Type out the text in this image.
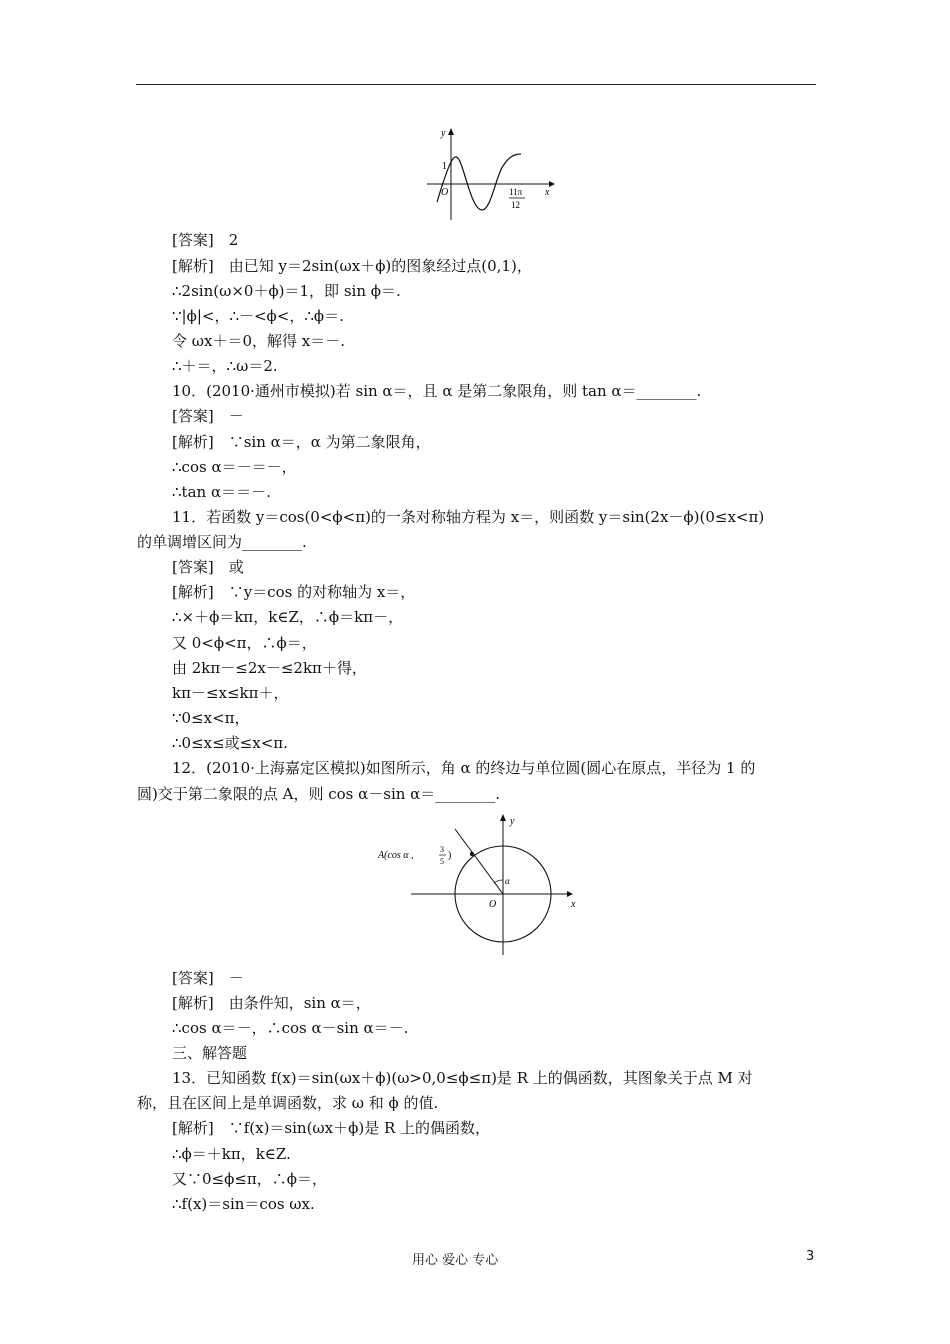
y
1
O	x
11π
12
A(cos α ,
3
5
)
y
α
O	x
[答案]　2
[解析]　由已知 y＝2sin(ωx＋ϕ)的图象经过点(0,1)，
∴2sin(ω×0＋ϕ)＝1，即 sin ϕ＝.
∵|ϕ|<，∴－<ϕ<，∴ϕ＝.
令 ωx＋＝0，解得 x＝－.
∴＋＝，∴ω＝2.
10．(2010·通州市模拟)若 sin α＝，且 α 是第二象限角，则 tan α＝________.
[答案]　－
[解析]　∵sin α＝，α 为第二象限角，
∴cos α＝－＝－，
∴tan α＝＝－.
11．若函数 y＝cos(0<ϕ<π)的一条对称轴方程为 x＝，则函数 y＝sin(2x－ϕ)(0≤x<π)
的单调增区间为________.
[答案]　或
[解析]　∵y＝cos 的对称轴为 x＝，
∴×＋ϕ＝kπ，k∈Z，∴ϕ＝kπ－，
又 0<ϕ<π，∴ϕ＝，
由 2kπ－≤2x－≤2kπ＋得，
kπ－≤x≤kπ＋，
∵0≤x<π，
∴0≤x≤或≤x<π.
12．(2010·上海嘉定区模拟)如图所示，角 α 的终边与单位圆(圆心在原点，半径为 1 的
圆)交于第二象限的点 A，则 cos α－sin α＝________.
[答案]　－
[解析]　由条件知，sin α＝，
∴cos α＝－，∴cos α－sin α＝－.
三、解答题
13．已知函数 f(x)＝sin(ωx＋ϕ)(ω>0,0≤ϕ≤π)是 R 上的偶函数，其图象关于点 M 对
称，且在区间上是单调函数，求 ω 和 ϕ 的值.
[解析]　∵f(x)＝sin(ωx＋ϕ)是 R 上的偶函数，
∴ϕ＝＋kπ，k∈Z.
又∵0≤ϕ≤π，∴ϕ＝，
∴f(x)＝sin＝cos ωx.
用心 爱心 专心	3
